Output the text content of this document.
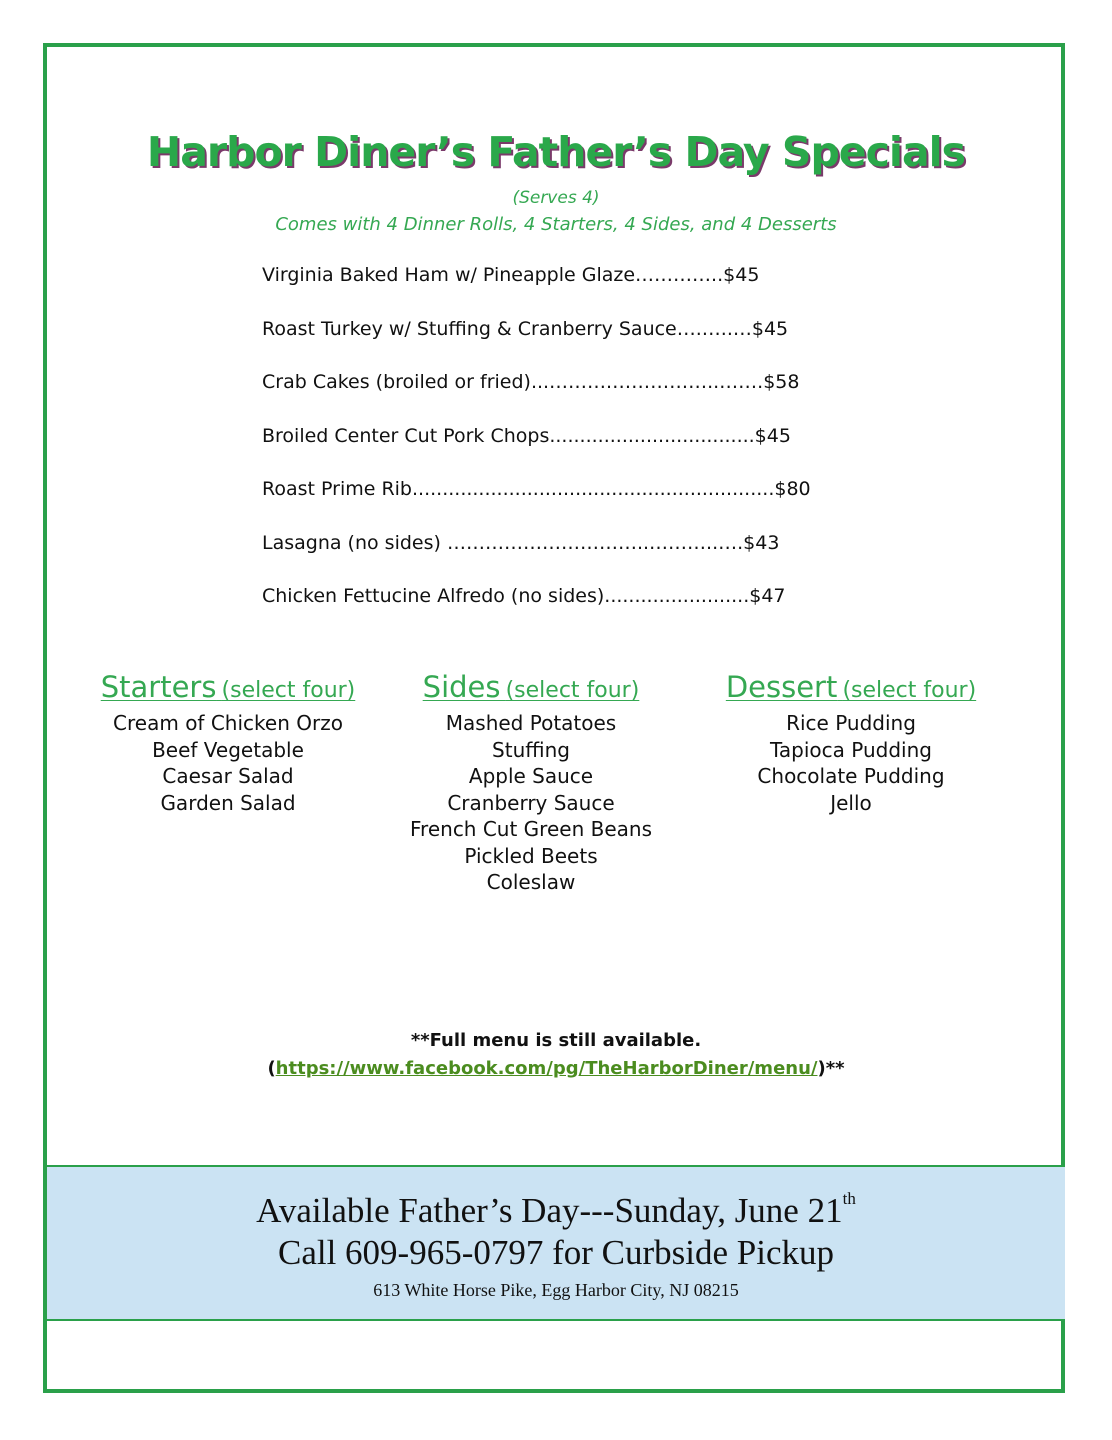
Harbor Diner’s Father’s Day Specials
(Serves 4)
Comes with 4 Dinner Rolls, 4 Starters, 4 Sides, and 4 Desserts
Virginia Baked Ham w/ Pineapple Glaze…………..$45
Roast Turkey w/ Stuffing & Cranberry Sauce….…..…$45
Crab Cakes (broiled or fried)...……….……………..…….$58
Broiled Center Cut Pork Chops..................................$45
Roast Prime Rib............................................................$80
Lasagna (no sides) …………………………..………..….$43
Chicken Fettucine Alfredo (no sides)........................$47
Starters (select four)
Cream of Chicken Orzo
Beef Vegetable
Caesar Salad
Garden Salad
Sides (select four)
Mashed Potatoes
Stuffing
Apple Sauce
Cranberry Sauce
French Cut Green Beans
Pickled Beets
Coleslaw
Dessert (select four)
Rice Pudding
Tapioca Pudding
Chocolate Pudding
Jello
**Full menu is still available.
(https://www.facebook.com/pg/TheHarborDiner/menu/)**
Available Father’s Day---Sunday, June 21th
Call 609-965-0797 for Curbside Pickup
613 White Horse Pike, Egg Harbor City, NJ 08215
